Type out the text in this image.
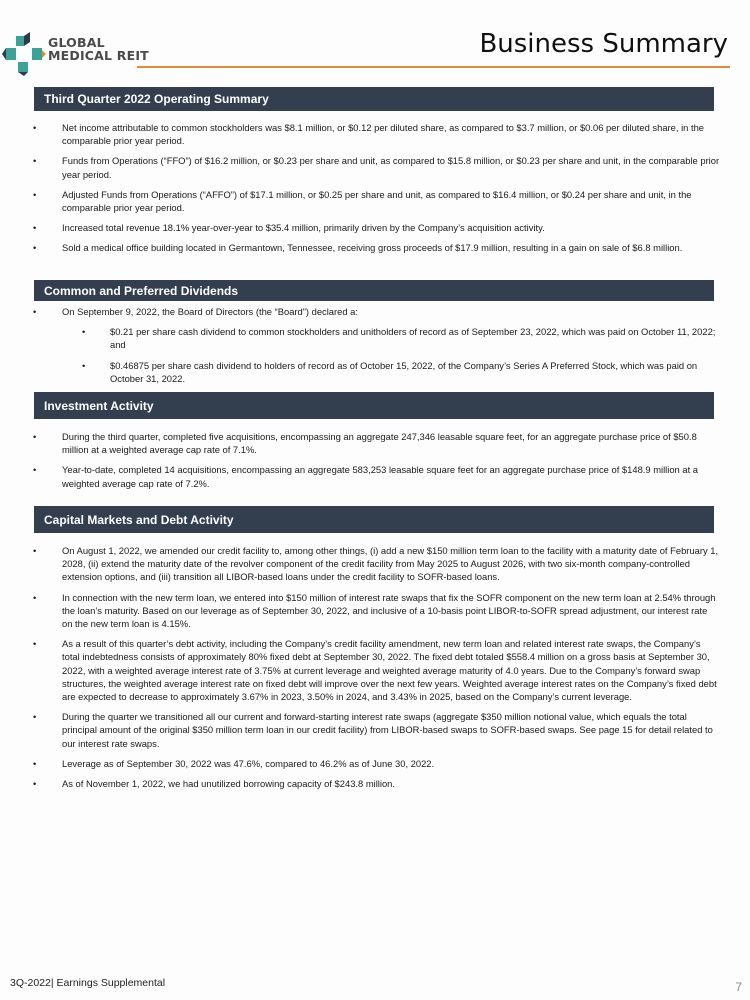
GLOBAL
MEDICAL REIT	Business Summary
Third Quarter 2022 Operating Summary
• Net income attributable to common stockholders was $8.1 million, or $0.12 per diluted share, as compared to $3.7 million, or $0.06 per diluted share, in the comparable prior year period.
• Funds from Operations (“FFO”) of $16.2 million, or $0.23 per share and unit, as compared to $15.8 million, or $0.23 per share and unit, in the comparable prior year period.
• Adjusted Funds from Operations (“AFFO”) of $17.1 million, or $0.25 per share and unit, as compared to $16.4 million, or $0.24 per share and unit, in the comparable prior year period.
• Increased total revenue 18.1% year-over-year to $35.4 million, primarily driven by the Company’s acquisition activity.
• Sold a medical office building located in Germantown, Tennessee, receiving gross proceeds of $17.9 million, resulting in a gain on sale of $6.8 million.
Common and Preferred Dividends
• On September 9, 2022, the Board of Directors (the “Board”) declared a:
• $0.21 per share cash dividend to common stockholders and unitholders of record as of September 23, 2022, which was paid on October 11, 2022; and
• $0.46875 per share cash dividend to holders of record as of October 15, 2022, of the Company’s Series A Preferred Stock, which was paid on October 31, 2022.
Investment Activity
• During the third quarter, completed five acquisitions, encompassing an aggregate 247,346 leasable square feet, for an aggregate purchase price of $50.8 million at a weighted average cap rate of 7.1%.
• Year-to-date, completed 14 acquisitions, encompassing an aggregate 583,253 leasable square feet for an aggregate purchase price of $148.9 million at a weighted average cap rate of 7.2%.
Capital Markets and Debt Activity
• On August 1, 2022, we amended our credit facility to, among other things, (i) add a new $150 million term loan to the facility with a maturity date of February 1, 2028, (ii) extend the maturity date of the revolver component of the credit facility from May 2025 to August 2026, with two six-month company-controlled extension options, and (iii) transition all LIBOR-based loans under the credit facility to SOFR-based loans.
• In connection with the new term loan, we entered into $150 million of interest rate swaps that fix the SOFR component on the new term loan at 2.54% through the loan’s maturity. Based on our leverage as of September 30, 2022, and inclusive of a 10-basis point LIBOR-to-SOFR spread adjustment, our interest rate on the new term loan is 4.15%.
• As a result of this quarter’s debt activity, including the Company’s credit facility amendment, new term loan and related interest rate swaps, the Company’s total indebtedness consists of approximately 80% fixed debt at September 30, 2022. The fixed debt totaled $558.4 million on a gross basis at September 30, 2022, with a weighted average interest rate of 3.75% at current leverage and weighted average maturity of 4.0 years. Due to the Company’s forward swap structures, the weighted average interest rate on fixed debt will improve over the next few years. Weighted average interest rates on the Company’s fixed debt are expected to decrease to approximately 3.67% in 2023, 3.50% in 2024, and 3.43% in 2025, based on the Company’s current leverage.
• During the quarter we transitioned all our current and forward-starting interest rate swaps (aggregate $350 million notional value, which equals the total principal amount of the original $350 million term loan in our credit facility) from LIBOR-based swaps to SOFR-based swaps. See page 15 for detail related to our interest rate swaps.
• Leverage as of September 30, 2022 was 47.6%, compared to 46.2% as of June 30, 2022.
• As of November 1, 2022, we had unutilized borrowing capacity of $243.8 million.
3Q-2022| Earnings Supplemental	7
